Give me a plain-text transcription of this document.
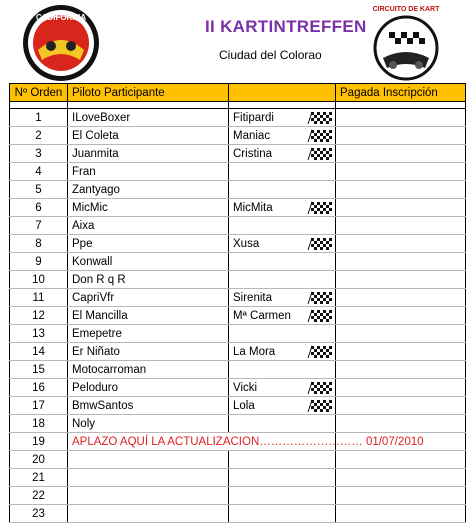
CADIFORNIA	II KARTINTREFFEN
Ciudad del Colorao
CIRCUITO DE KART
Nº Orden	Piloto Participante		Pagada Inscripción

1	ILoveBoxer	Fitipardi

2	El Coleta	Maniac

3	Juanmita	Cristina

4	Fran		
5	Zantyago		
6	MicMic	MicMita

7	Aixa		
8	Ppe	Xusa

9	Konwall		
10	Don R q R		
11	CapriVfr	Sirenita

12	El Mancilla	Mª Carmen

13	Emepetre		
14	Er Niñato	La Mora

15	Motocarroman		
16	Peloduro	Vicki

17	BmwSantos	Lola

18	Noly		
19	APLAZO AQUÍ LA ACTUALIZACION……………………… 01/07/2010		
20			
21			
22			
23			
